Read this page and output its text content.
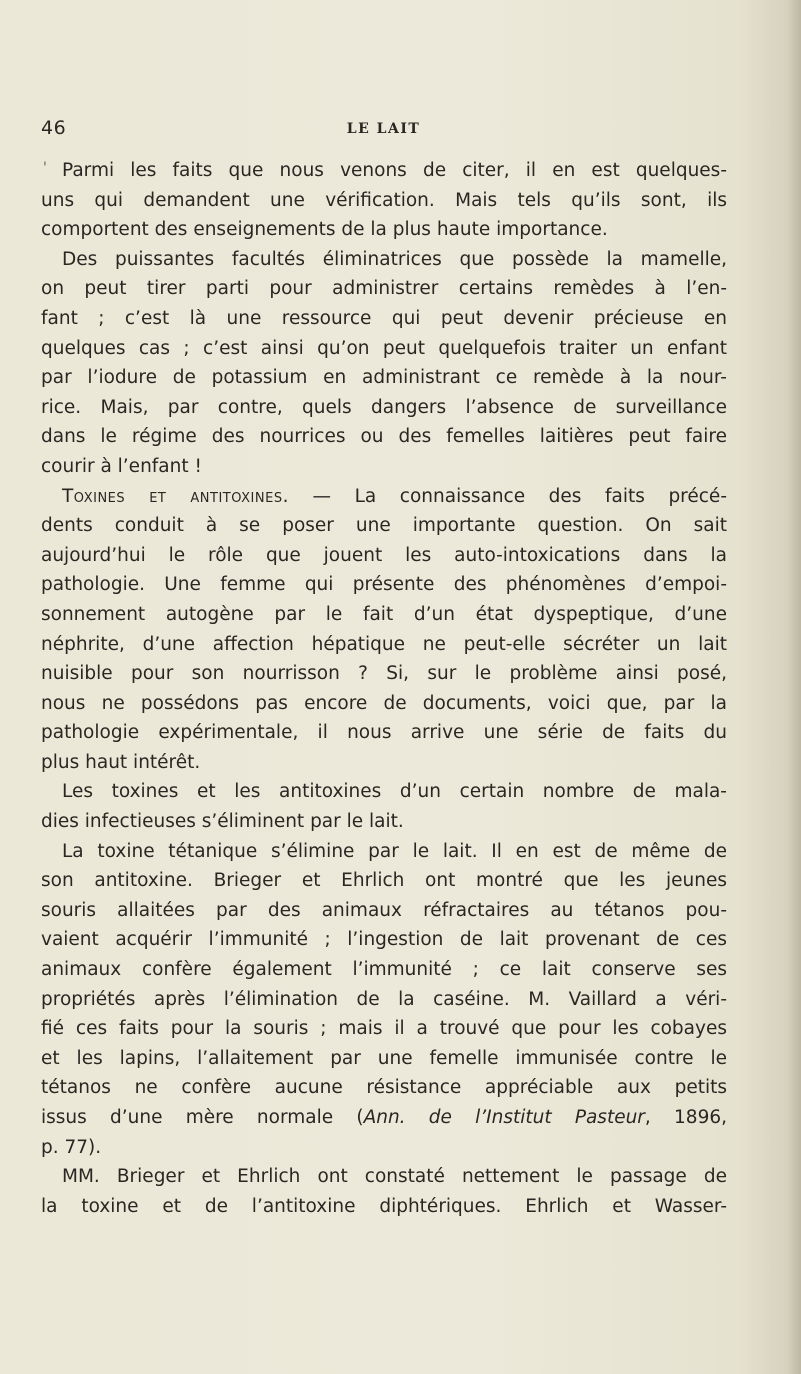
46	LE LAIT
' Parmi les faits que nous venons de citer, il en est quelques-
uns qui demandent une vérification. Mais tels qu’ils sont, ils
comportent des enseignements de la plus haute importance.
Des puissantes facultés éliminatrices que possède la mamelle,
on peut tirer parti pour administrer certains remèdes à l’en-
fant ; c’est là une ressource qui peut devenir précieuse en
quelques cas ; c’est ainsi qu’on peut quelquefois traiter un enfant
par l’iodure de potassium en administrant ce remède à la nour-
rice. Mais, par contre, quels dangers l’absence de surveillance
dans le régime des nourrices ou des femelles laitières peut faire
courir à l’enfant !
Toxines et antitoxines. — La connaissance des faits précé-
dents conduit à se poser une importante question. On sait
aujourd’hui le rôle que jouent les auto-intoxications dans la
pathologie. Une femme qui présente des phénomènes d’empoi-
sonnement autogène par le fait d’un état dyspeptique, d’une
néphrite, d’une affection hépatique ne peut-elle sécréter un lait
nuisible pour son nourrisson ? Si, sur le problème ainsi posé,
nous ne possédons pas encore de documents, voici que, par la
pathologie expérimentale, il nous arrive une série de faits du
plus haut intérêt.
Les toxines et les antitoxines d’un certain nombre de mala-
dies infectieuses s’éliminent par le lait.
La toxine tétanique s’élimine par le lait. Il en est de même de
son antitoxine. Brieger et Ehrlich ont montré que les jeunes
souris allaitées par des animaux réfractaires au tétanos pou-
vaient acquérir l’immunité ; l’ingestion de lait provenant de ces
animaux confère également l’immunité ; ce lait conserve ses
propriétés après l’élimination de la caséine. M. Vaillard a véri-
fié ces faits pour la souris ; mais il a trouvé que pour les cobayes
et les lapins, l’allaitement par une femelle immunisée contre le
tétanos ne confère aucune résistance appréciable aux petits
issus d’une mère normale (Ann. de l’Institut Pasteur, 1896,
p. 77).
MM. Brieger et Ehrlich ont constaté nettement le passage de
la toxine et de l’antitoxine diphtériques. Ehrlich et Wasser-
